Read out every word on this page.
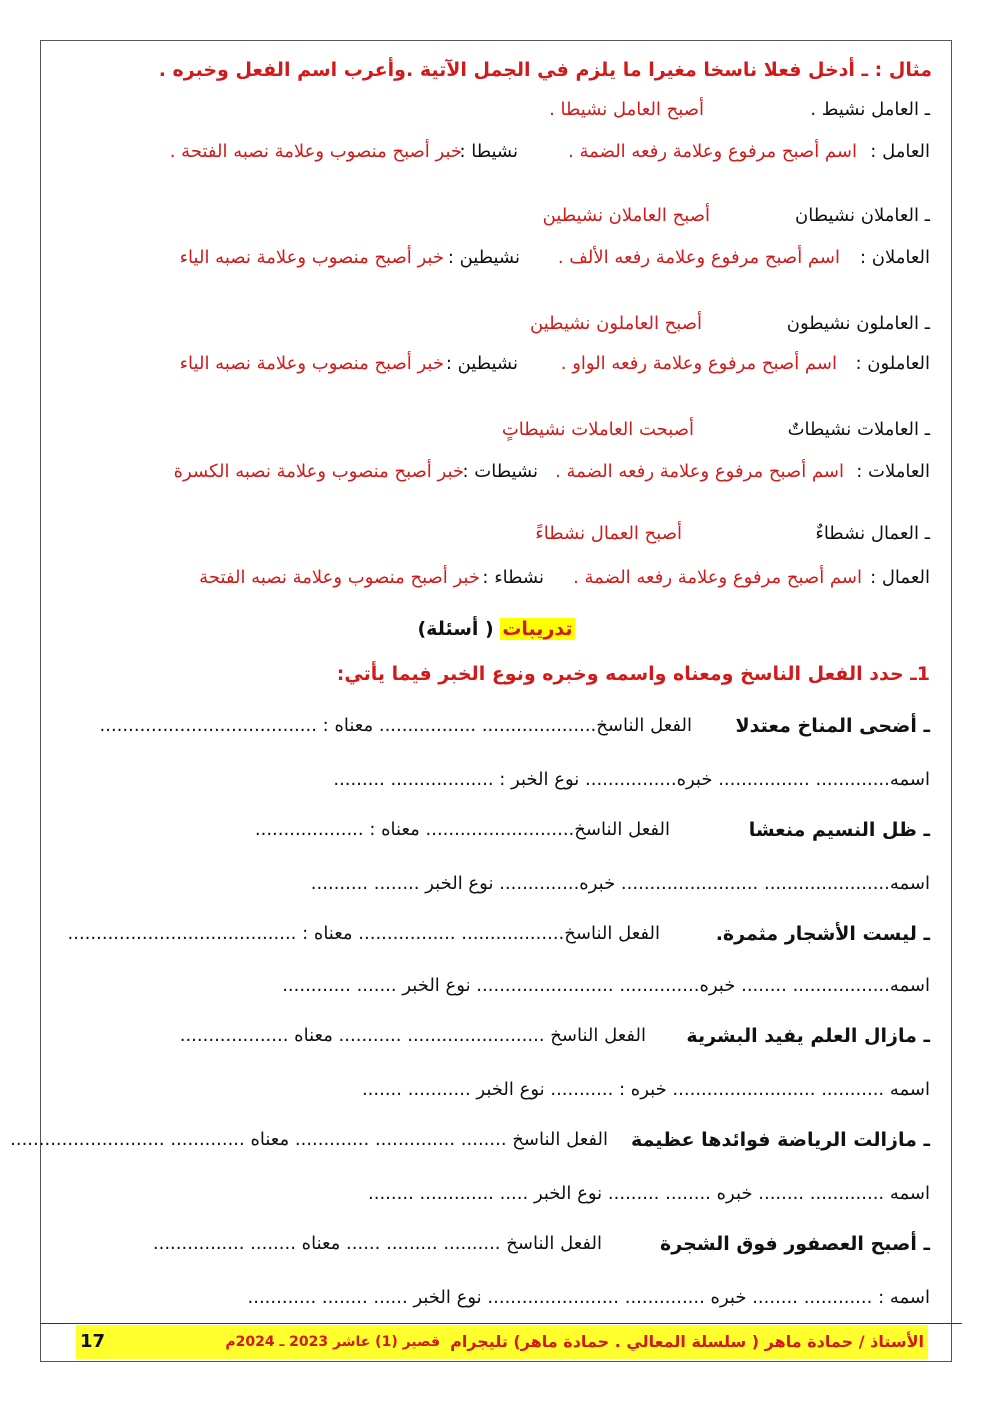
مثال : ـ أدخل فعلا ناسخا مغيرا ما يلزم في الجمل الآتية .وأعرب اسم الفعل وخبره .
ـ العامل نشيط .
أصبح العامل نشيطا .
العامل :
اسم أصبح مرفوع وعلامة رفعه الضمة .
نشيطا :
خبر أصبح منصوب وعلامة نصبه الفتحة .
ـ العاملان نشيطان
أصبح العاملان نشيطين
العاملان :
اسم أصبح مرفوع وعلامة رفعه الألف .
نشيطين :
خبر أصبح منصوب وعلامة نصبه الياء
ـ العاملون نشيطون
أصبح العاملون نشيطين
العاملون :
اسم أصبح مرفوع وعلامة رفعه الواو .
نشيطين :
خبر أصبح منصوب وعلامة نصبه الياء
ـ العاملات نشيطاتٌ
أصبحت العاملات نشيطاتٍ
العاملات :
اسم أصبح مرفوع وعلامة رفعه الضمة .
نشيطات :
خبر أصبح منصوب وعلامة نصبه الكسرة
ـ العمال نشطاءٌ
أصبح العمال نشطاءً
العمال :
اسم أصبح مرفوع وعلامة رفعه الضمة .
نشطاء :
خبر أصبح منصوب وعلامة نصبه الفتحة
تدريبات ( أسئلة)
1ـ حدد الفعل الناسخ ومعناه واسمه وخبره ونوع الخبر فيما يأتي:
ـ أضحى المناخ معتدلا
الفعل الناسخ.................... ................. معناه : ......................................
اسمه............. ................ خبره................ نوع الخبر : .................. .........
ـ ظل النسيم منعشا
الفعل الناسخ.......................... معناه : ...................
اسمه...................... ........................ خبره.............. نوع الخبر ........ ..........
ـ ليست الأشجار مثمرة.
الفعل الناسخ.................. ................. معناه : ........................................
اسمه................. ........ خبره.............. ........................ نوع الخبر ....... ............
ـ مازال العلم يفيد البشرية
الفعل الناسخ ........................ ........... معناه ...................
اسمه ........... ......................... خبره : ........... نوع الخبر ........... .......
ـ مازالت الرياضة فوائدها عظيمة
الفعل الناسخ ........ .............. ............. معناه ............. ...........................
اسمه ............. ........ خبره ........ ......... نوع الخبر ..... ............. ........
ـ أصبح العصفور فوق الشجرة
الفعل الناسخ .......... ......... ...... معناه ........ ................
اسمه : ............ ........ خبره .............. ....................... نوع الخبر ...... ........ ............
الأستاذ / حمادة ماهر ( سلسلة المعالي . حمادة ماهر) تليجرام
قصير (1) عاشر 2023 ـ 2024م
17
